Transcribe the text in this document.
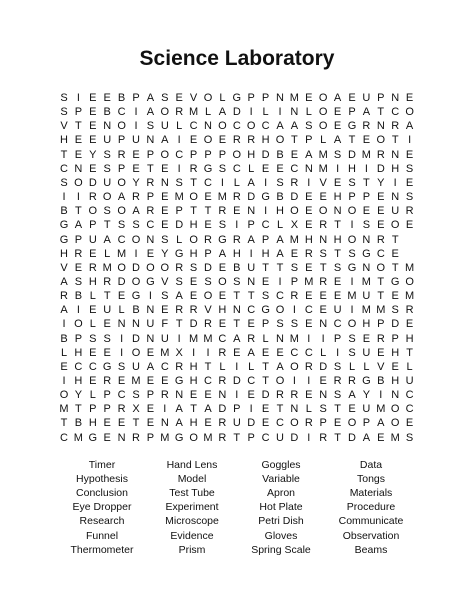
Science Laboratory
S I E E B P A S E V O L G P P N M E O A E U P N E
S P E B C I A O R M L A D I L I N L O E P A T C O
V T E N O I S U L C N O C O C A A S O E G R N R A
H E E U P U N A I E O E R R H O T P L A T E O T I
T E Y S R E P O C P P P O H D B E A M S D M R N E
C N E S P E T E I R G S C L E E C N M I H I D H S
S O D U O Y R N S T C I L A I S R I V E S T Y I E
I	I R O A R P E M O E M R D G B D E E H P P E N S
B T O S O A R E P T T R E N I H O E O N O E E U R
G A P T S S C E D H E S I P C L X E R T I S E O E
G P U A C O N S L O R G R A P A M H N H O N R T
H R E L M I E Y G H P A H I H A E R S T S G C E
V E R M O D O O R S D E B U T T S E T S G N O T M
A S H R D O G V S E S O S N E I P M R E I M T G O
R B L T E G I S A E O E T T S C R E E E M U T E M
A I E U L B N E R R V H N C G O I C E U I M M S R
I O L E N N U F T D R E T E P S S E N C O H P D E
B P S S I D N U I M M C A R L N M I	I P S E R P H
L H E E I O E M X I	I R E A E E C C L I S U E H T
E C C G S U A C R H T L I L T A O R D S L L V E L
I H E R E M E E G H C R D C T O I	I E R R G B H U
O Y L P C S P R N E E N I E D R R E N S A Y I N C
M T P P R X E I A T A D P I E T N L S T E U M O C
T B H E E T E N A H E R U D E C O R P E O P A O E
C M G E N R P M G O M R T P C U D I R T D A E M S
Timer	Hand Lens	Goggles	Data
Hypothesis	Model	Variable	Tongs
Conclusion	Test Tube	Apron	Materials
Eye Dropper	Experiment	Hot Plate	Procedure
Research	Microscope	Petri Dish	Communicate
Funnel	Evidence	Gloves	Observation
Thermometer	Prism	Spring Scale	Beams
